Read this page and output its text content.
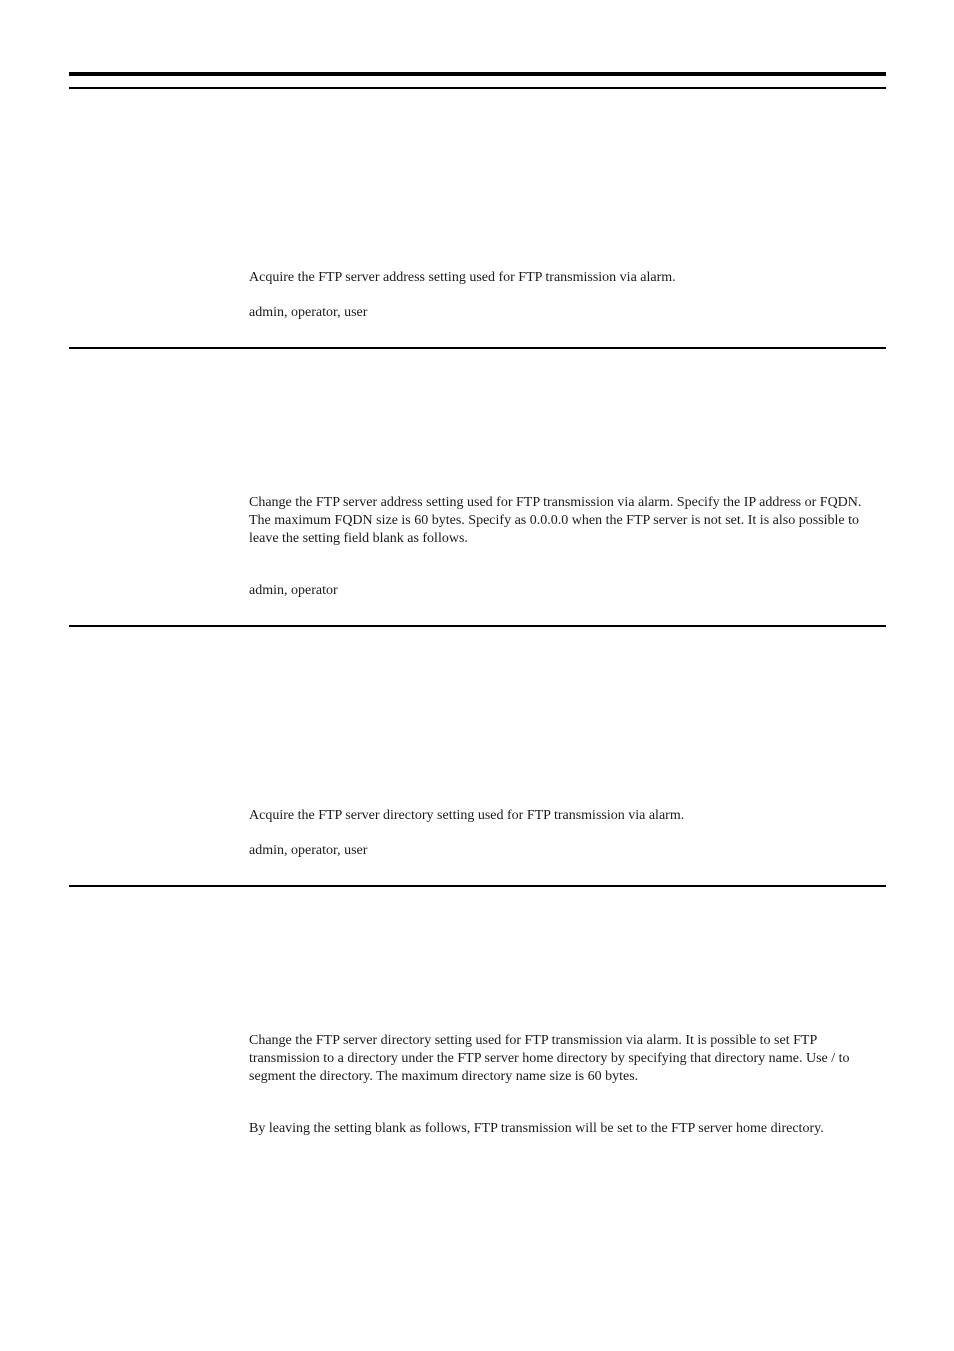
Acquire the FTP server address setting used for FTP transmission via alarm.

admin, operator, user

Change the FTP server address setting used for FTP transmission via alarm. Specify the IP address or FQDN. The maximum FQDN size is 60 bytes. Specify as 0.0.0.0 when the FTP server is not set. It is also possible to leave the setting field blank as follows.

admin, operator

Acquire the FTP server directory setting used for FTP transmission via alarm.

admin, operator, user

Change the FTP server directory setting used for FTP transmission via alarm. It is possible to set FTP transmission to a directory under the FTP server home directory by specifying that directory name. Use / to segment the directory. The maximum directory name size is 60 bytes.

By leaving the setting blank as follows, FTP transmission will be set to the FTP server home directory.
